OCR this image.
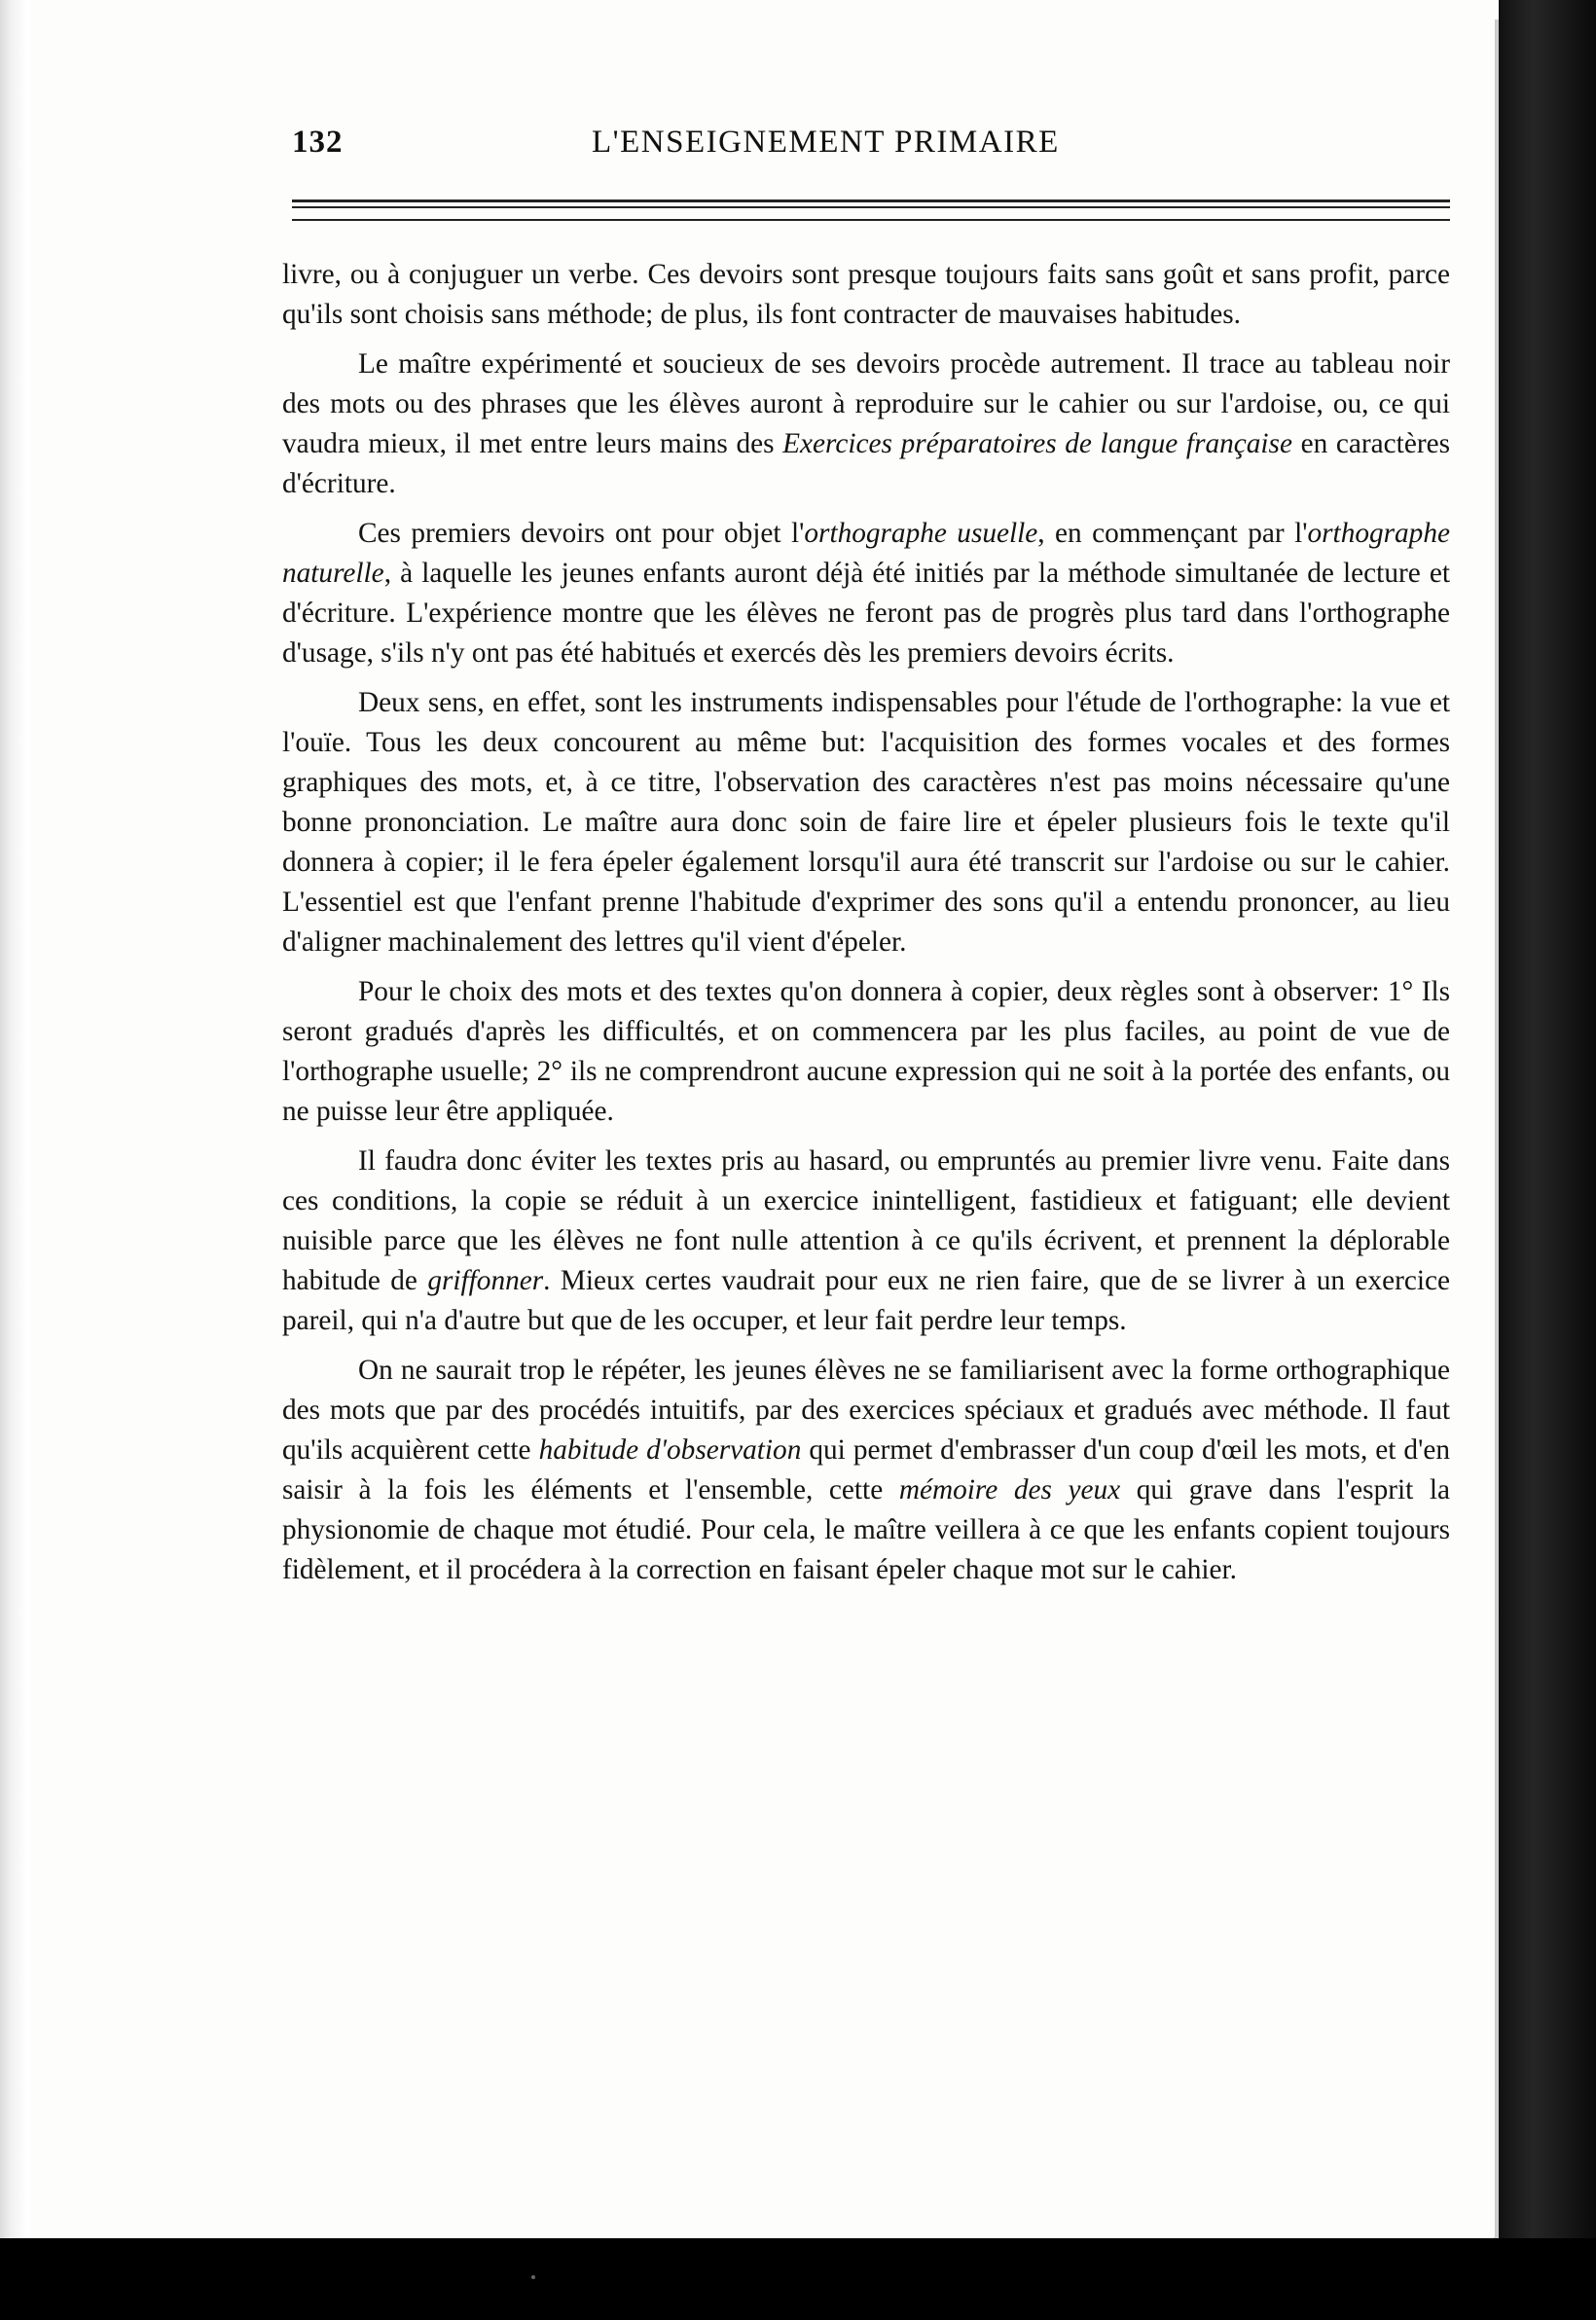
132	L'ENSEIGNEMENT PRIMAIRE

livre, ou à conjuguer un verbe. Ces devoirs sont presque toujours faits sans goût et sans profit, parce qu'ils sont choisis sans méthode; de plus, ils font contracter de mauvaises habitudes.

Le maître expérimenté et soucieux de ses devoirs procède autrement. Il trace au tableau noir des mots ou des phrases que les élèves auront à reproduire sur le cahier ou sur l'ardoise, ou, ce qui vaudra mieux, il met entre leurs mains des Exercices préparatoires de langue française en caractères d'écriture.

Ces premiers devoirs ont pour objet l'orthographe usuelle, en commençant par l'orthographe naturelle, à laquelle les jeunes enfants auront déjà été initiés par la méthode simultanée de lecture et d'écriture. L'expérience montre que les élèves ne feront pas de progrès plus tard dans l'orthographe d'usage, s'ils n'y ont pas été habitués et exercés dès les premiers devoirs écrits.

Deux sens, en effet, sont les instruments indispensables pour l'étude de l'orthographe: la vue et l'ouïe. Tous les deux concourent au même but: l'acquisition des formes vocales et des formes graphiques des mots, et, à ce titre, l'observation des caractères n'est pas moins nécessaire qu'une bonne prononciation. Le maître aura donc soin de faire lire et épeler plusieurs fois le texte qu'il donnera à copier; il le fera épeler également lorsqu'il aura été transcrit sur l'ardoise ou sur le cahier. L'essentiel est que l'enfant prenne l'habitude d'exprimer des sons qu'il a entendu prononcer, au lieu d'aligner machinalement des lettres qu'il vient d'épeler.

Pour le choix des mots et des textes qu'on donnera à copier, deux règles sont à observer: 1° Ils seront gradués d'après les difficultés, et on commencera par les plus faciles, au point de vue de l'orthographe usuelle; 2° ils ne comprendront aucune expression qui ne soit à la portée des enfants, ou ne puisse leur être appliquée.

Il faudra donc éviter les textes pris au hasard, ou empruntés au premier livre venu. Faite dans ces conditions, la copie se réduit à un exercice inintelligent, fastidieux et fatiguant; elle devient nuisible parce que les élèves ne font nulle attention à ce qu'ils écrivent, et prennent la déplorable habitude de griffonner. Mieux certes vaudrait pour eux ne rien faire, que de se livrer à un exercice pareil, qui n'a d'autre but que de les occuper, et leur fait perdre leur temps.

On ne saurait trop le répéter, les jeunes élèves ne se familiarisent avec la forme orthographique des mots que par des procédés intuitifs, par des exercices spéciaux et gradués avec méthode. Il faut qu'ils acquièrent cette habitude d'observation qui permet d'embrasser d'un coup d'œil les mots, et d'en saisir à la fois les éléments et l'ensemble, cette mémoire des yeux qui grave dans l'esprit la physionomie de chaque mot étudié. Pour cela, le maître veillera à ce que les enfants copient toujours fidèlement, et il procédera à la correction en faisant épeler chaque mot sur le cahier.
